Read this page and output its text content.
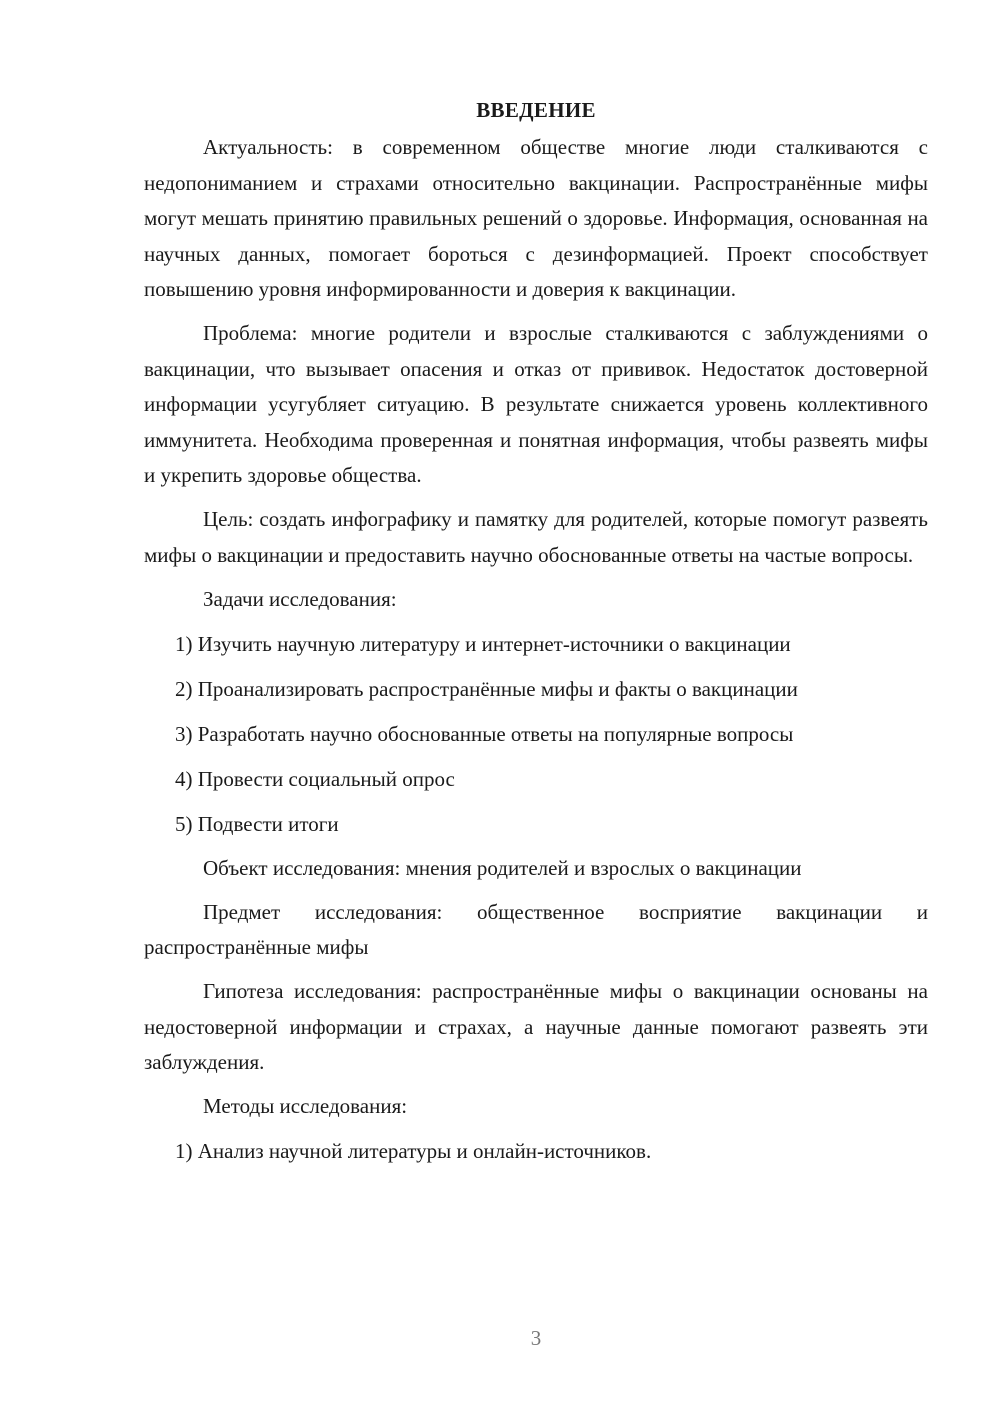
ВВЕДЕНИЕ

Актуальность: в современном обществе многие люди сталкиваются с недопониманием и страхами относительно вакцинации. Распространённые мифы могут мешать принятию правильных решений о здоровье. Информация, основанная на научных данных, помогает бороться с дезинформацией. Проект способствует повышению уровня информированности и доверия к вакцинации.

Проблема: многие родители и взрослые сталкиваются с заблуждениями о вакцинации, что вызывает опасения и отказ от прививок. Недостаток достоверной информации усугубляет ситуацию. В результате снижается уровень коллективного иммунитета. Необходима проверенная и понятная информация, чтобы развеять мифы и укрепить здоровье общества.

Цель: создать инфографику и памятку для родителей, которые помогут развеять мифы о вакцинации и предоставить научно обоснованные ответы на частые вопросы.

Задачи исследования:

1) Изучить научную литературу и интернет-источники о вакцинации

2) Проанализировать распространённые мифы и факты о вакцинации

3) Разработать научно обоснованные ответы на популярные вопросы

4) Провести социальный опрос

5) Подвести итоги

Объект исследования: мнения родителей и взрослых о вакцинации

Предмет исследования: общественное восприятие вакцинации и распространённые мифы

Гипотеза исследования: распространённые мифы о вакцинации основаны на недостоверной информации и страхах, а научные данные помогают развеять эти заблуждения.

Методы исследования:

1) Анализ научной литературы и онлайн-источников.

3
